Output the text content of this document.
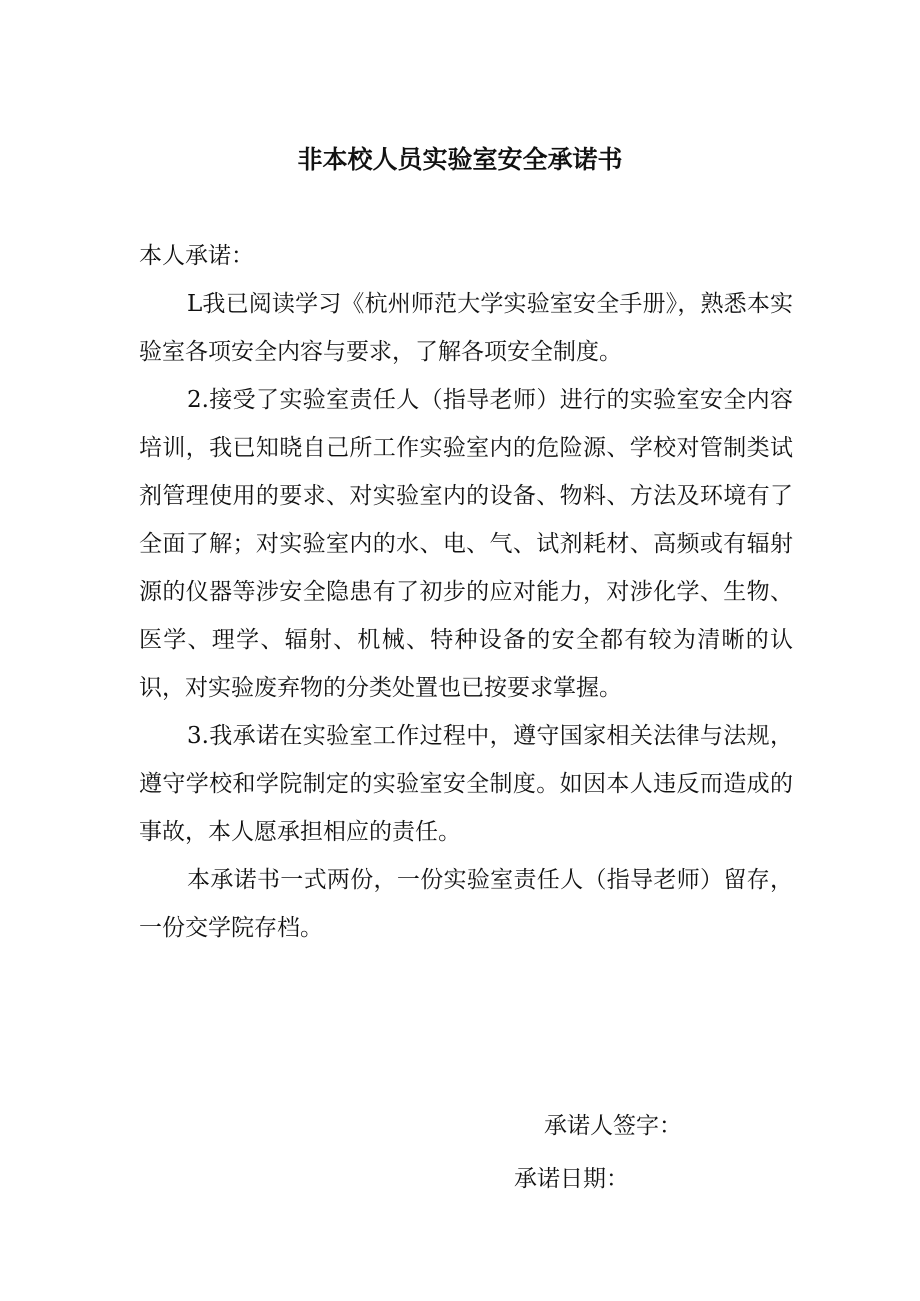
非本校人员实验室安全承诺书

本人承诺：

L我已阅读学习《杭州师范大学实验室安全手册》，熟悉本实验室各项安全内容与要求，了解各项安全制度。

2.接受了实验室责任人（指导老师）进行的实验室安全内容培训，我已知晓自己所工作实验室内的危险源、学校对管制类试剂管理使用的要求、对实验室内的设备、物料、方法及环境有了全面了解；对实验室内的水、电、气、试剂耗材、高频或有辐射源的仪器等涉安全隐患有了初步的应对能力，对涉化学、生物、医学、理学、辐射、机械、特种设备的安全都有较为清晰的认识，对实验废弃物的分类处置也已按要求掌握。

3.我承诺在实验室工作过程中，遵守国家相关法律与法规，遵守学校和学院制定的实验室安全制度。如因本人违反而造成的事故，本人愿承担相应的责任。

本承诺书一式两份，一份实验室责任人（指导老师）留存，一份交学院存档。

承诺人签字：
承诺日期：
